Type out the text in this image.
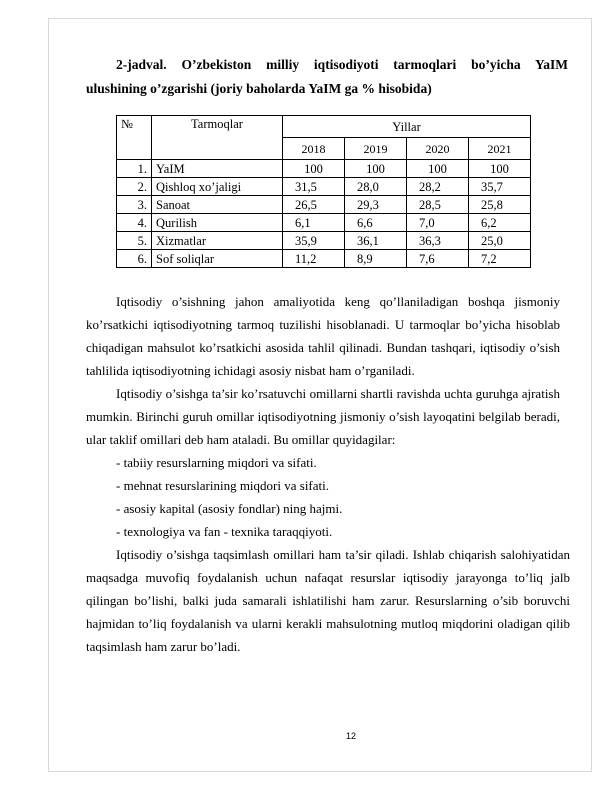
2-jadval. O’zbekiston milliy iqtisodiyoti tarmoqlari bo’yicha YaIM
ulushining o’zgarishi (joriy baholarda YaIM ga % hisobida)
№	Tarmoqlar	Yillar			
		2018	2019	2020	2021
1.	YaIM	100	100	100	100
2.	Qishloq xo’jaligi	31,5	28,0	28,2	35,7
3.	Sanoat	26,5	29,3	28,5	25,8
4.	Qurilish	6,1	6,6	7,0	6,2
5.	Xizmatlar	35,9	36,1	36,3	25,0
6.	Sof soliqlar	11,2	8,9	7,6	7,2

Iqtisodiy o’sishning jahon amaliyotida keng qo’llaniladigan boshqa jismoniy ko’rsatkichi iqtisodiyotning tarmoq tuzilishi hisoblanadi. U tarmoqlar bo’yicha hisoblab chiqadigan mahsulot ko’rsatkichi asosida tahlil qilinadi. Bundan tashqari, iqtisodiy o’sish tahlilida iqtisodiyotning ichidagi asosiy nisbat ham o’rganiladi.

Iqtisodiy o’sishga ta’sir ko’rsatuvchi omillarni shartli ravishda uchta guruhga ajratish mumkin. Birinchi guruh omillar iqtisodiyotning jismoniy o’sish layoqatini belgilab beradi, ular taklif omillari deb ham ataladi. Bu omillar quyidagilar:

- tabiiy resurslarning miqdori va sifati.

- mehnat resurslarining miqdori va sifati.

- asosiy kapital (asosiy fondlar) ning hajmi.

- texnologiya va fan - texnika taraqqiyoti.

Iqtisodiy o’sishga taqsimlash omillari ham ta’sir qiladi. Ishlab chiqarish salohiyatidan maqsadga muvofiq foydalanish uchun nafaqat resurslar iqtisodiy jarayonga to’liq jalb qilingan bo’lishi, balki juda samarali ishlatilishi ham zarur. Resurslarning o’sib boruvchi hajmidan to’liq foydalanish va ularni kerakli mahsulotning mutloq miqdorini oladigan qilib taqsimlash ham zarur bo’ladi.

12
